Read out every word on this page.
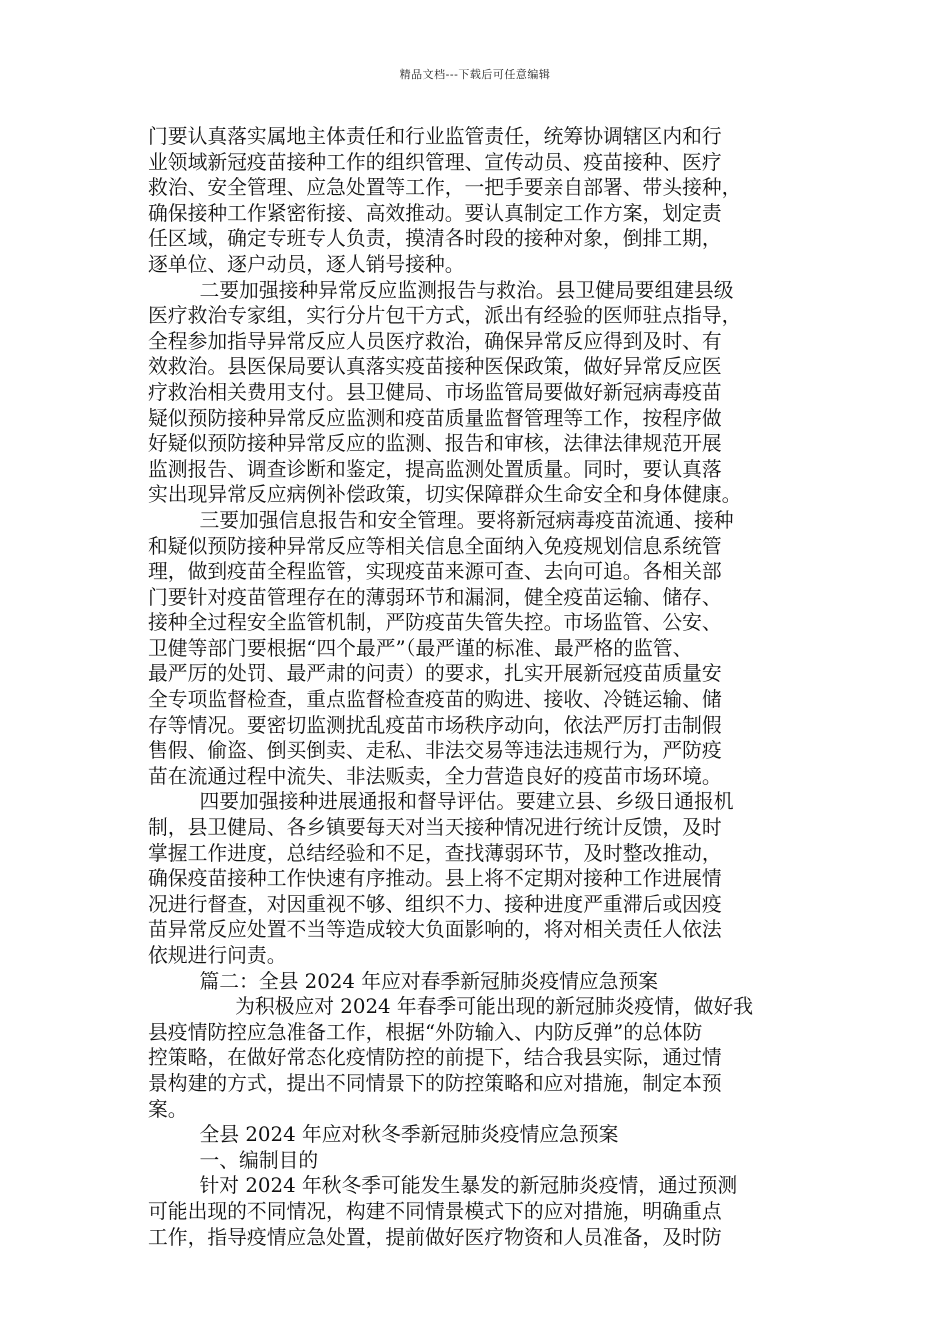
精品文档---下载后可任意编辑
门要认真落实属地主体责任和行业监管责任，统筹协调辖区内和行
业领域新冠疫苗接种工作的组织管理、宣传动员、疫苗接种、医疗
救治、安全管理、应急处置等工作，一把手要亲自部署、带头接种，
确保接种工作紧密衔接、高效推动。要认真制定工作方案，划定责
任区域，确定专班专人负责，摸清各时段的接种对象，倒排工期，
逐单位、逐户动员，逐人销号接种。
二要加强接种异常反应监测报告与救治。县卫健局要组建县级
医疗救治专家组，实行分片包干方式，派出有经验的医师驻点指导，
全程参加指导异常反应人员医疗救治，确保异常反应得到及时、有
效救治。县医保局要认真落实疫苗接种医保政策，做好异常反应医
疗救治相关费用支付。县卫健局、市场监管局要做好新冠病毒疫苗
疑似预防接种异常反应监测和疫苗质量监督管理等工作，按程序做
好疑似预防接种异常反应的监测、报告和审核，法律法律规范开展
监测报告、调查诊断和鉴定，提高监测处置质量。同时，要认真落
实出现异常反应病例补偿政策，切实保障群众生命安全和身体健康。
三要加强信息报告和安全管理。要将新冠病毒疫苗流通、接种
和疑似预防接种异常反应等相关信息全面纳入免疫规划信息系统管
理，做到疫苗全程监管，实现疫苗来源可查、去向可追。各相关部
门要针对疫苗管理存在的薄弱环节和漏洞，健全疫苗运输、储存、
接种全过程安全监管机制，严防疫苗失管失控。市场监管、公安、
卫健等部门要根据“四个最严”（最严谨的标准、最严格的监管、
最严厉的处罚、最严肃的问责）的要求，扎实开展新冠疫苗质量安
全专项监督检查，重点监督检查疫苗的购进、接收、冷链运输、储
存等情况。要密切监测扰乱疫苗市场秩序动向，依法严厉打击制假
售假、偷盗、倒买倒卖、走私、非法交易等违法违规行为，严防疫
苗在流通过程中流失、非法贩卖，全力营造良好的疫苗市场环境。
四要加强接种进展通报和督导评估。要建立县、乡级日通报机
制，县卫健局、各乡镇要每天对当天接种情况进行统计反馈，及时
掌握工作进度，总结经验和不足，查找薄弱环节，及时整改推动，
确保疫苗接种工作快速有序推动。县上将不定期对接种工作进展情
况进行督查，对因重视不够、组织不力、接种进度严重滞后或因疫
苗异常反应处置不当等造成较大负面影响的，将对相关责任人依法
依规进行问责。
篇二：全县 2024 年应对春季新冠肺炎疫情应急预案
为积极应对 2024 年春季可能出现的新冠肺炎疫情，做好我
县疫情防控应急准备工作，根据“外防输入、内防反弹”的总体防
控策略，在做好常态化疫情防控的前提下，结合我县实际，通过情
景构建的方式，提出不同情景下的防控策略和应对措施，制定本预
案。
全县 2024 年应对秋冬季新冠肺炎疫情应急预案
一、编制目的
针对 2024 年秋冬季可能发生暴发的新冠肺炎疫情，通过预测
可能出现的不同情况，构建不同情景模式下的应对措施，明确重点
工作，指导疫情应急处置，提前做好医疗物资和人员准备，及时防
